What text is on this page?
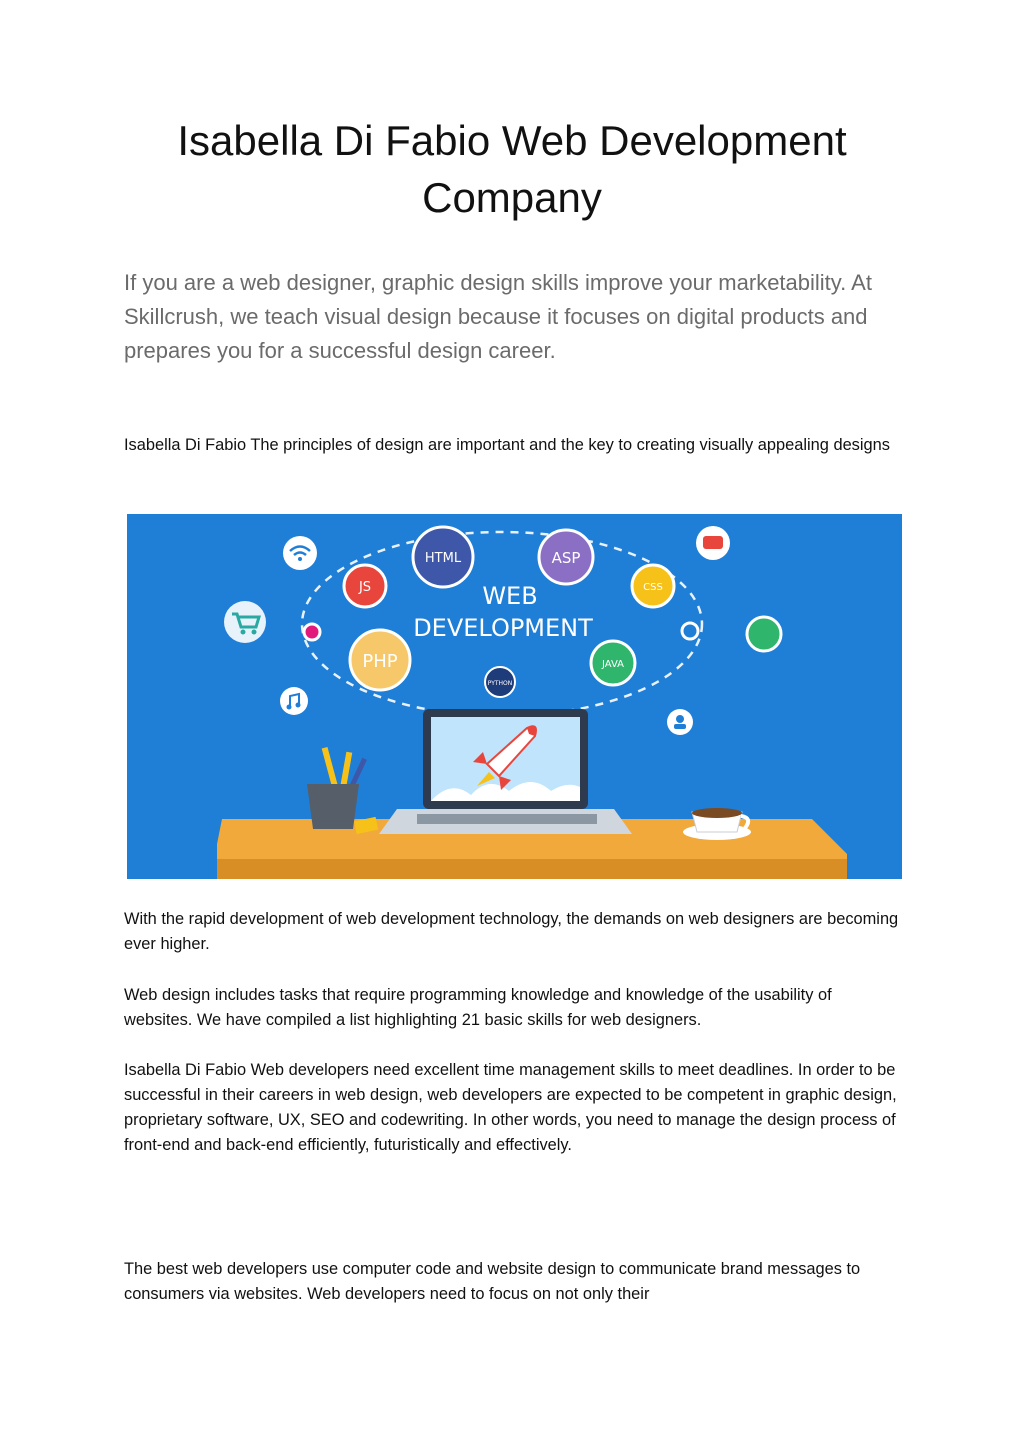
Isabella Di Fabio Web Development
Company

If you are a web designer, graphic design skills improve your marketability. At Skillcrush, we teach visual design because it focuses on digital products and prepares you for a successful design career.

Isabella Di Fabio The principles of design are important and the key to creating visually appealing designs

WEB
DEVELOPMENT
HTML	ASP
JS	CSS
PHP	JAVA
PYTHON

With the rapid development of web development technology, the demands on web designers are becoming ever higher.

Web design includes tasks that require programming knowledge and knowledge of the usability of websites. We have compiled a list highlighting 21 basic skills for web designers.

Isabella Di Fabio Web developers need excellent time management skills to meet deadlines. In order to be successful in their careers in web design, web developers are expected to be competent in graphic design, proprietary software, UX, SEO and codewriting. In other words, you need to manage the design process of front-end and back-end efficiently, futuristically and effectively.

The best web developers use computer code and website design to communicate brand messages to consumers via websites. Web developers need to focus on not only their
